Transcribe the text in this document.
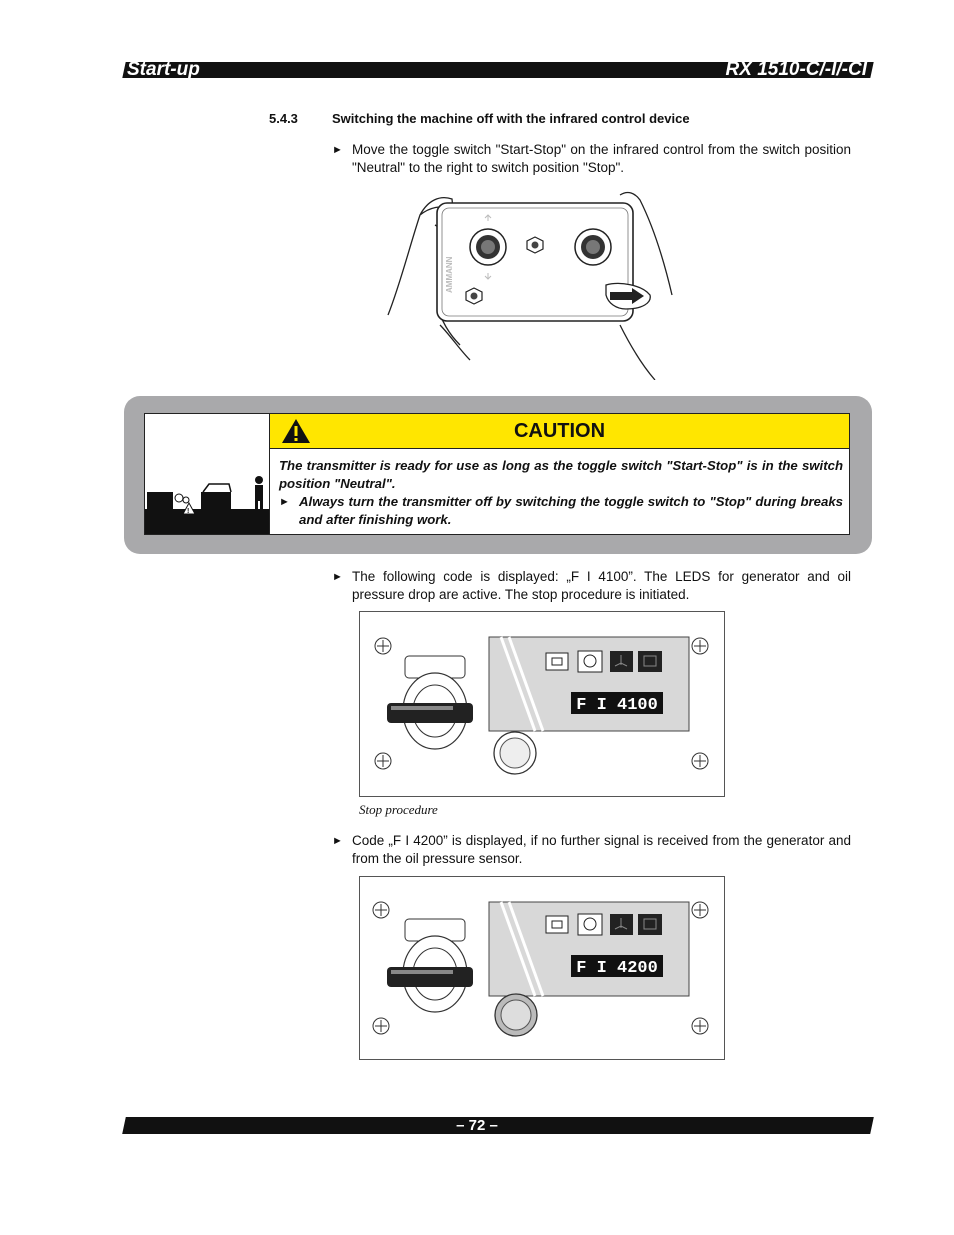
Start-up	RX 1510-C/-I/-CI
5.4.3	Switching the machine off with the infrared control device
► Move the toggle switch "Start-Stop" on the infrared control from the switch position "Neutral" to the right to switch position "Stop".
AMMANN
!
CAUTION
The transmitter is ready for use as long as the toggle switch "Start-Stop" is in the switch position "Neutral".
► Always turn the transmitter off by switching the toggle switch to "Stop" during breaks and after finishing work.
► The following code is displayed: „F I 4100”. The LEDS for generator and oil pressure drop are active. The stop procedure is initiated.
F I 4100
Stop procedure
► Code „F I 4200” is displayed, if no further signal is received from the generator and from the oil pressure sensor.
F I 4200
– 72 –
